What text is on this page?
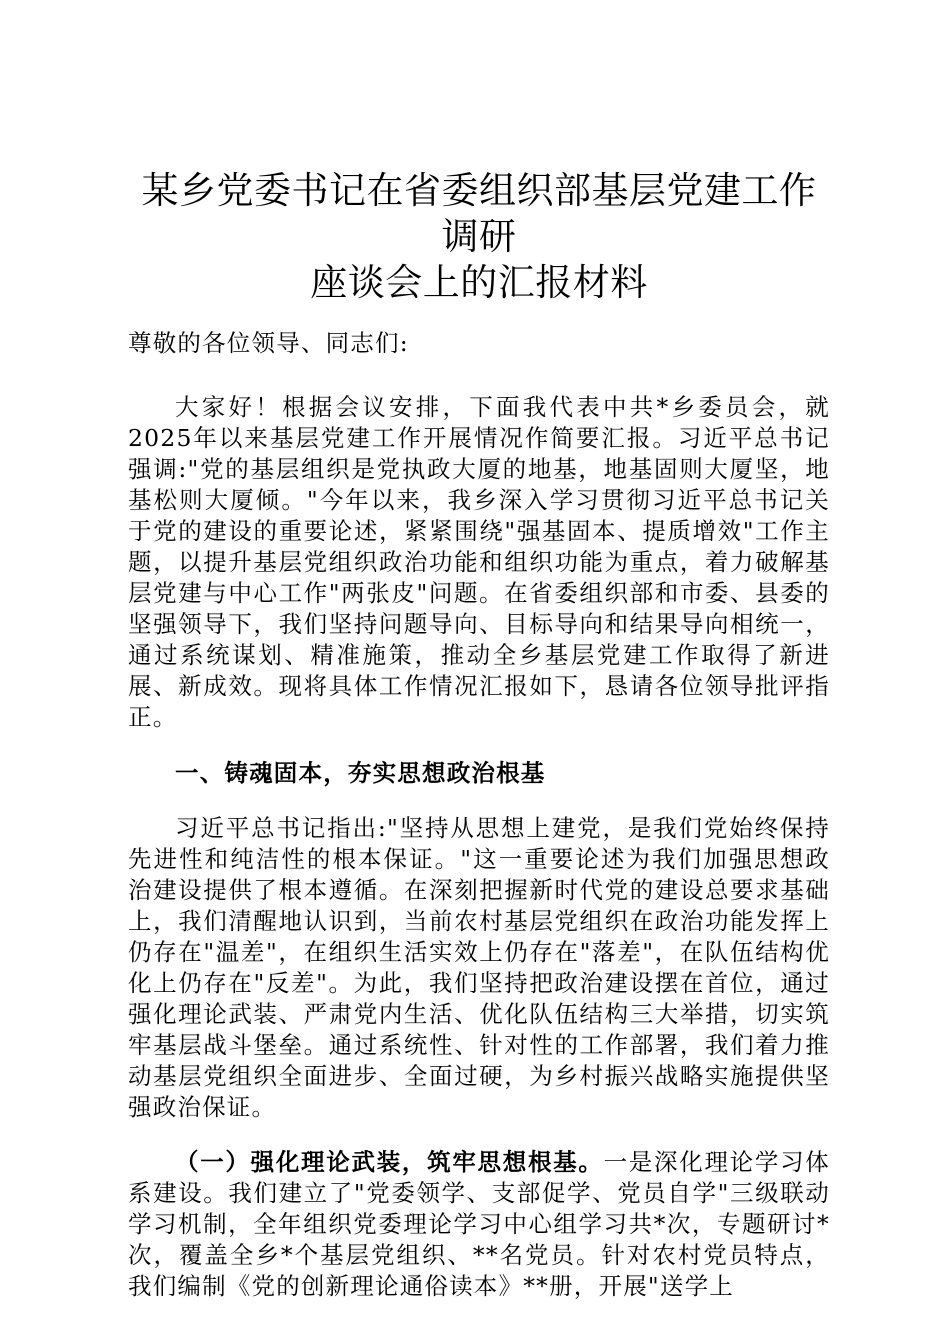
某乡党委书记在省委组织部基层党建工作调研
座谈会上的汇报材料

尊敬的各位领导、同志们:

大家好！根据会议安排，下面我代表中共*乡委员会，就2025年以来基层党建工作开展情况作简要汇报。习近平总书记强调:"党的基层组织是党执政大厦的地基，地基固则大厦坚，地基松则大厦倾。"今年以来，我乡深入学习贯彻习近平总书记关于党的建设的重要论述，紧紧围绕"强基固本、提质增效"工作主题，以提升基层党组织政治功能和组织功能为重点，着力破解基层党建与中心工作"两张皮"问题。在省委组织部和市委、县委的坚强领导下，我们坚持问题导向、目标导向和结果导向相统一，通过系统谋划、精准施策，推动全乡基层党建工作取得了新进展、新成效。现将具体工作情况汇报如下，恳请各位领导批评指正。

一、铸魂固本，夯实思想政治根基

习近平总书记指出:"坚持从思想上建党，是我们党始终保持先进性和纯洁性的根本保证。"这一重要论述为我们加强思想政治建设提供了根本遵循。在深刻把握新时代党的建设总要求基础上，我们清醒地认识到，当前农村基层党组织在政治功能发挥上仍存在"温差"，在组织生活实效上仍存在"落差"，在队伍结构优化上仍存在"反差"。为此，我们坚持把政治建设摆在首位，通过强化理论武装、严肃党内生活、优化队伍结构三大举措，切实筑牢基层战斗堡垒。通过系统性、针对性的工作部署，我们着力推动基层党组织全面进步、全面过硬，为乡村振兴战略实施提供坚强政治保证。

（一）强化理论武装，筑牢思想根基。一是深化理论学习体系建设。我们建立了"党委领学、支部促学、党员自学"三级联动学习机制，全年组织党委理论学习中心组学习共*次，专题研讨*次，覆盖全乡*个基层党组织、**名党员。针对农村党员特点，我们编制《党的创新理论通俗读本》**册，开展"送学上
